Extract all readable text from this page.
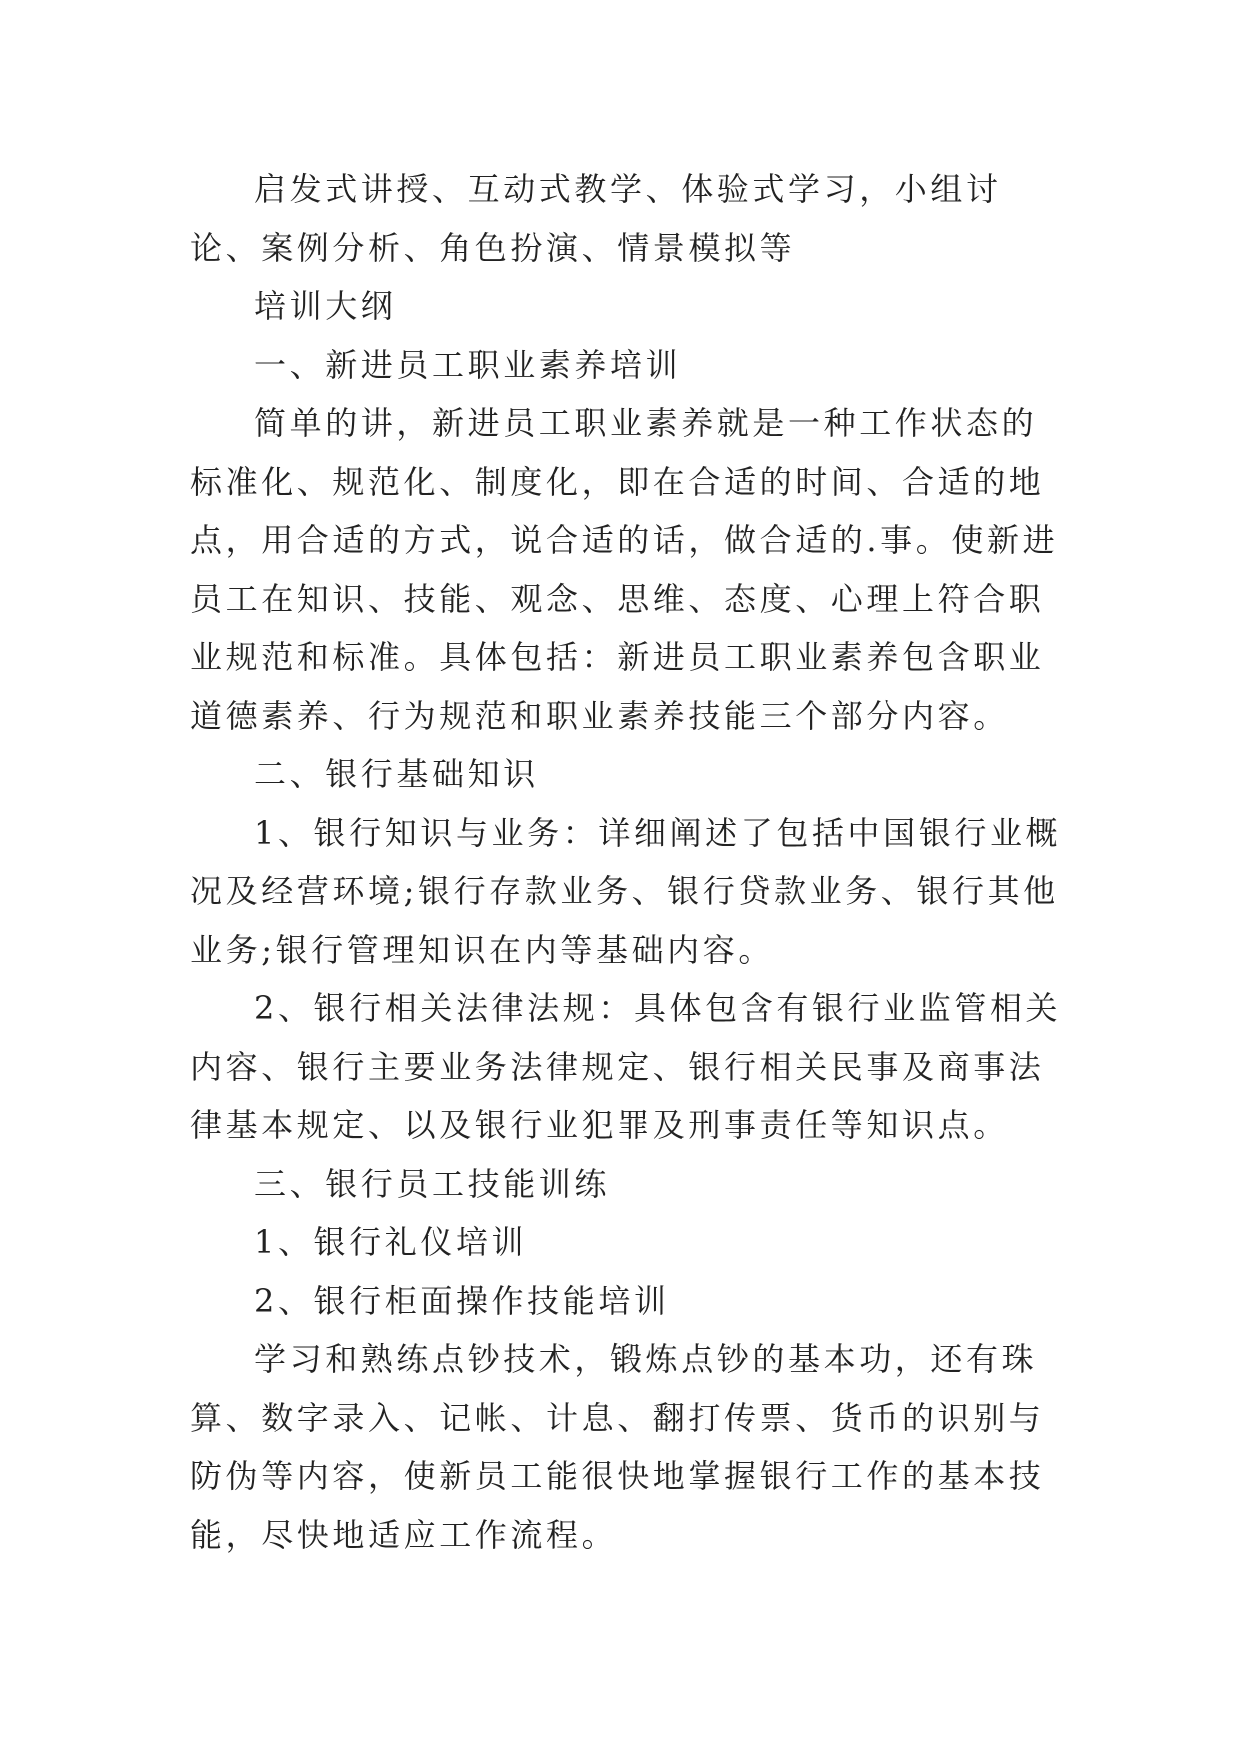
启发式讲授、互动式教学、体验式学习，小组讨论、案例分析、角色扮演、情景模拟等

培训大纲

一、新进员工职业素养培训

简单的讲，新进员工职业素养就是一种工作状态的标准化、规范化、制度化，即在合适的时间、合适的地点，用合适的方式，说合适的话，做合适的.事。使新进员工在知识、技能、观念、思维、态度、心理上符合职业规范和标准。具体包括：新进员工职业素养包含职业道德素养、行为规范和职业素养技能三个部分内容。

二、银行基础知识

1、银行知识与业务：详细阐述了包括中国银行业概况及经营环境;银行存款业务、银行贷款业务、银行其他业务;银行管理知识在内等基础内容。

2、银行相关法律法规：具体包含有银行业监管相关内容、银行主要业务法律规定、银行相关民事及商事法律基本规定、以及银行业犯罪及刑事责任等知识点。

三、银行员工技能训练

1、银行礼仪培训

2、银行柜面操作技能培训

学习和熟练点钞技术，锻炼点钞的基本功，还有珠算、数字录入、记帐、计息、翻打传票、货币的识别与防伪等内容，使新员工能很快地掌握银行工作的基本技能，尽快地适应工作流程。
